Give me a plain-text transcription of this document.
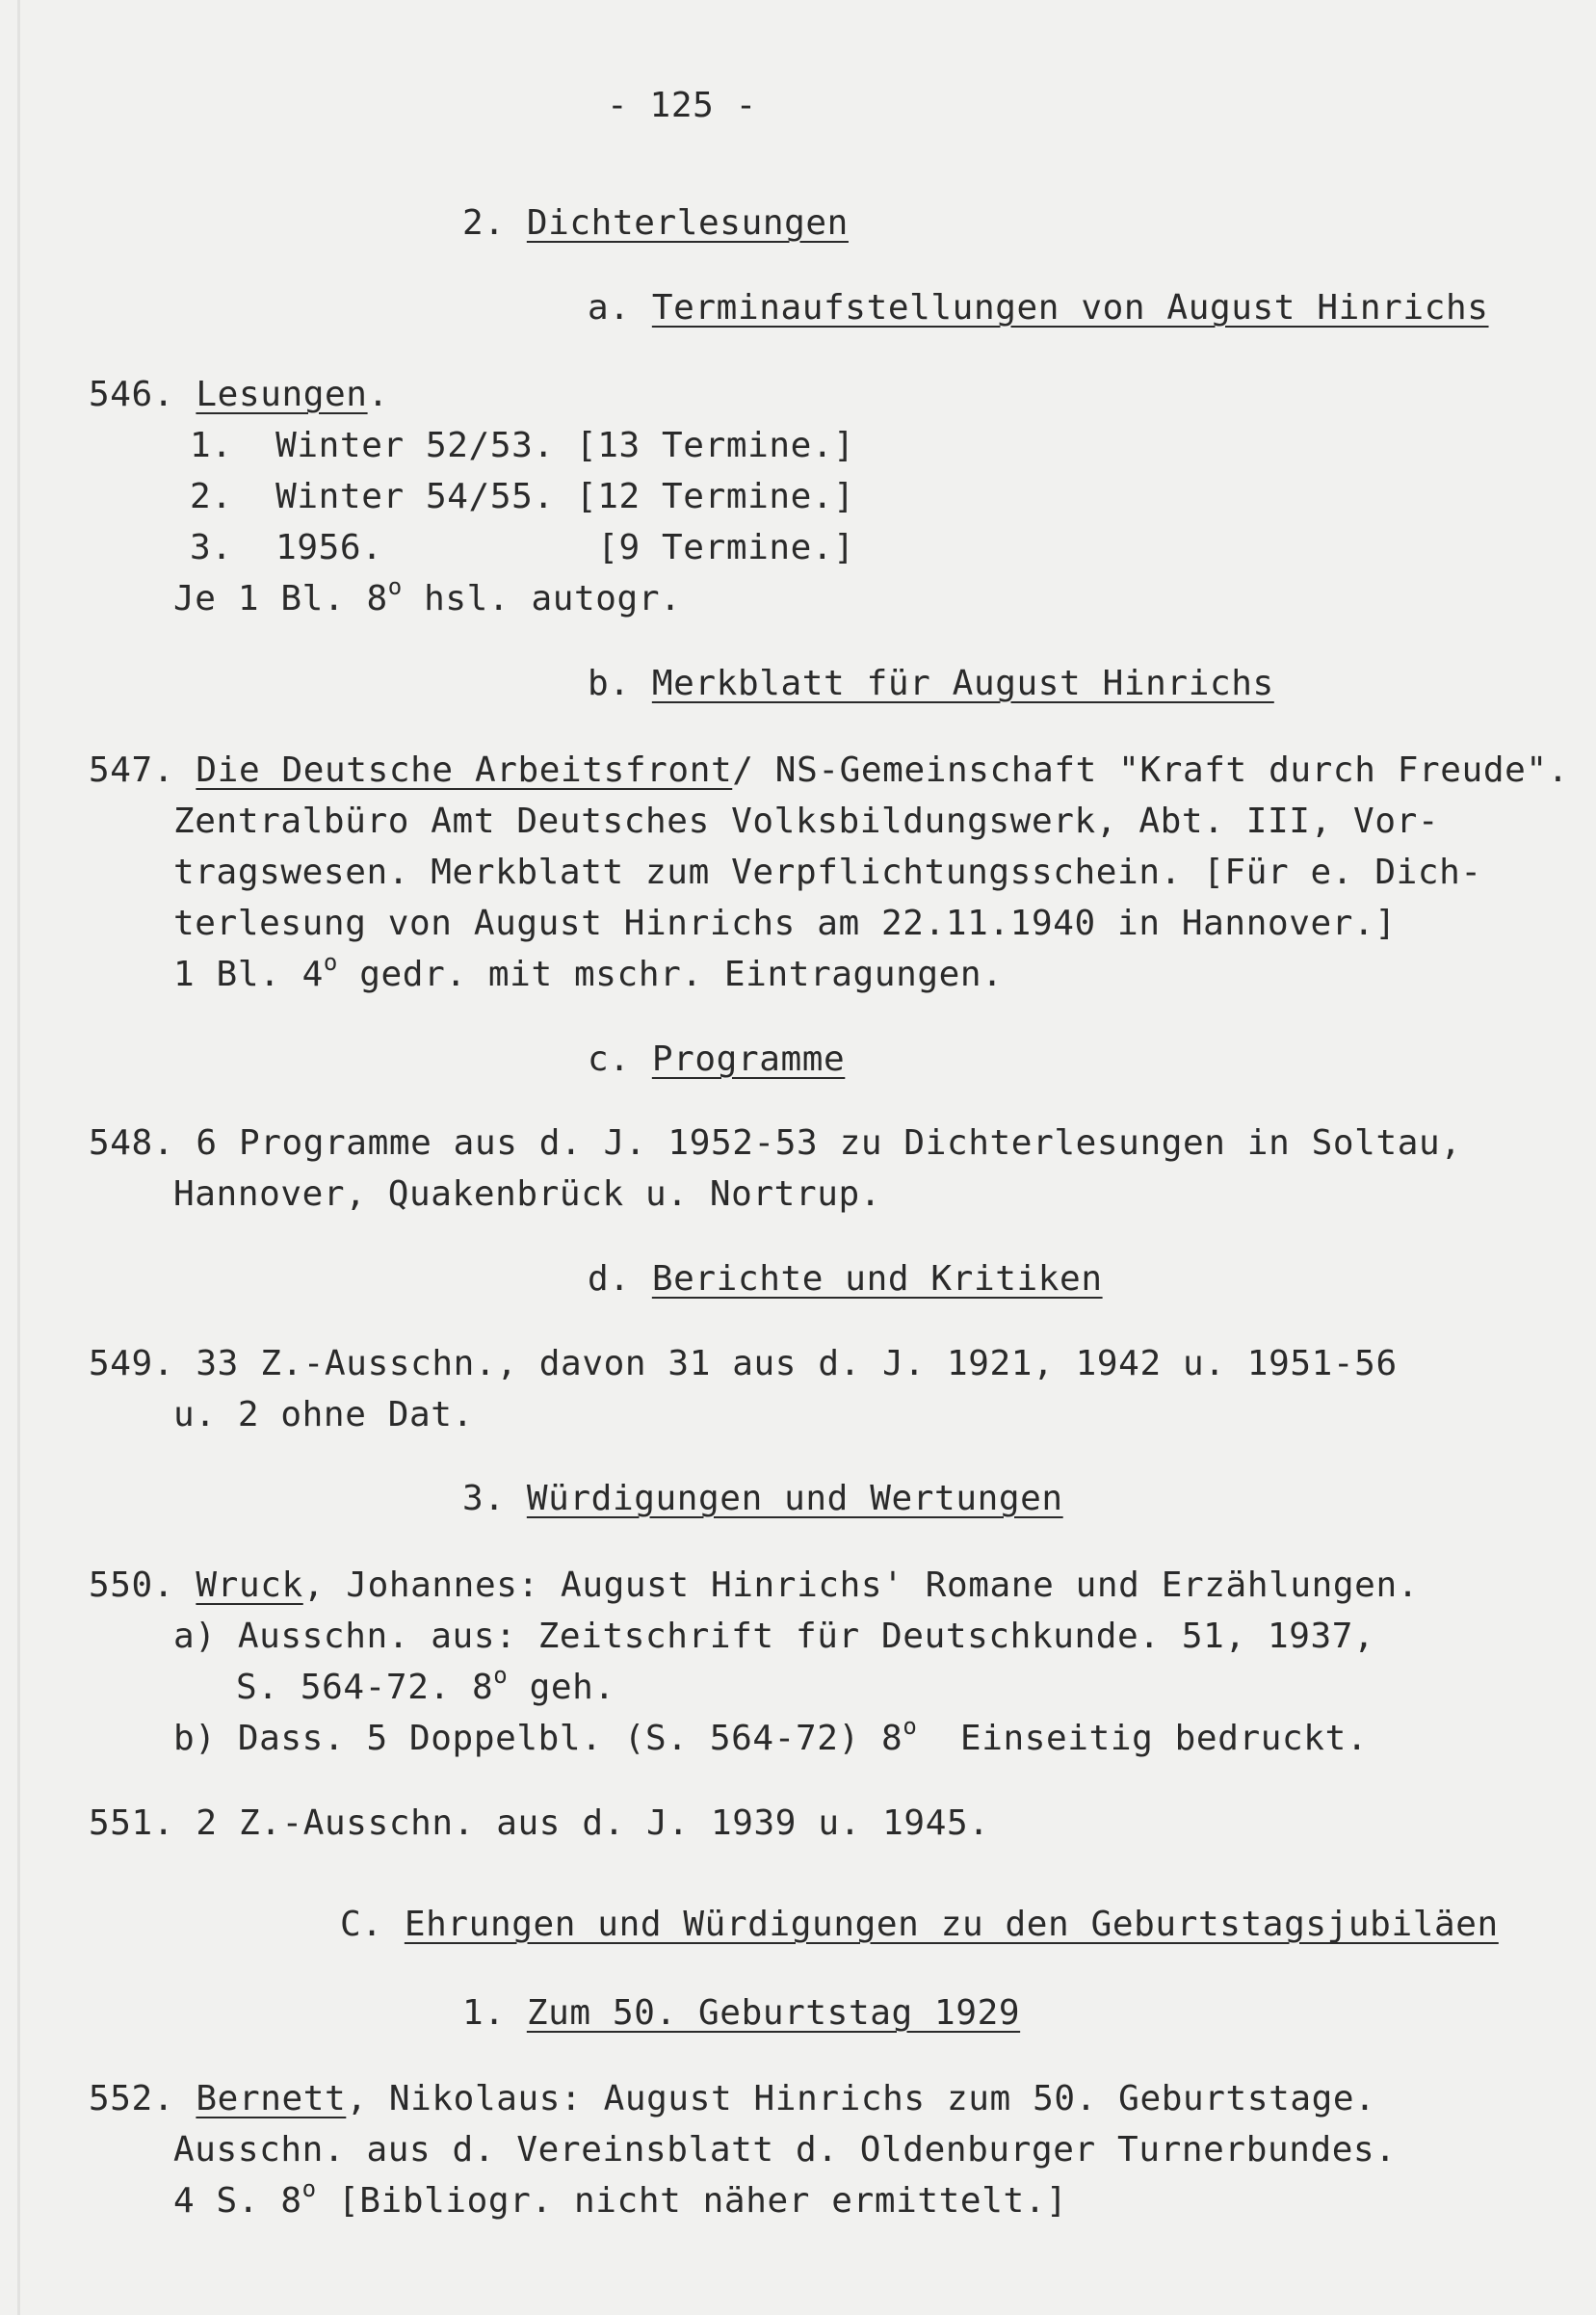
- 125 -
2. Dichterlesungen
a. Terminaufstellungen von August Hinrichs
546. Lesungen.
1.  Winter 52/53. [13 Termine.]
2.  Winter 54/55. [12 Termine.]
3.  1956.          [9 Termine.]
Je 1 Bl. 8$^o$ hsl. autogr.
b. Merkblatt für August Hinrichs
547. Die Deutsche Arbeitsfront/ NS-Gemeinschaft "Kraft durch Freude".
Zentralbüro Amt Deutsches Volksbildungswerk, Abt. III, Vor-
tragswesen. Merkblatt zum Verpflichtungsschein. [Für e. Dich-
terlesung von August Hinrichs am 22.11.1940 in Hannover.]
1 Bl. 4$^o$ gedr. mit mschr. Eintragungen.
c. Programme
548. 6 Programme aus d. J. 1952-53 zu Dichterlesungen in Soltau,
Hannover, Quakenbrück u. Nortrup.
d. Berichte und Kritiken
549. 33 Z.-Ausschn., davon 31 aus d. J. 1921, 1942 u. 1951-56
u. 2 ohne Dat.
3. Würdigungen und Wertungen
550. Wruck, Johannes: August Hinrichs' Romane und Erzählungen.
a) Ausschn. aus: Zeitschrift für Deutschkunde. 51, 1937,
S. 564-72. 8$^o$ geh.
b) Dass. 5 Doppelbl. (S. 564-72) 8$^o$  Einseitig bedruckt.
551. 2 Z.-Ausschn. aus d. J. 1939 u. 1945.
C. Ehrungen und Würdigungen zu den Geburtstagsjubiläen
1. Zum 50. Geburtstag 1929
552. Bernett, Nikolaus: August Hinrichs zum 50. Geburtstage.
Ausschn. aus d. Vereinsblatt d. Oldenburger Turnerbundes.
4 S. 8$^o$ [Bibliogr. nicht näher ermittelt.]
